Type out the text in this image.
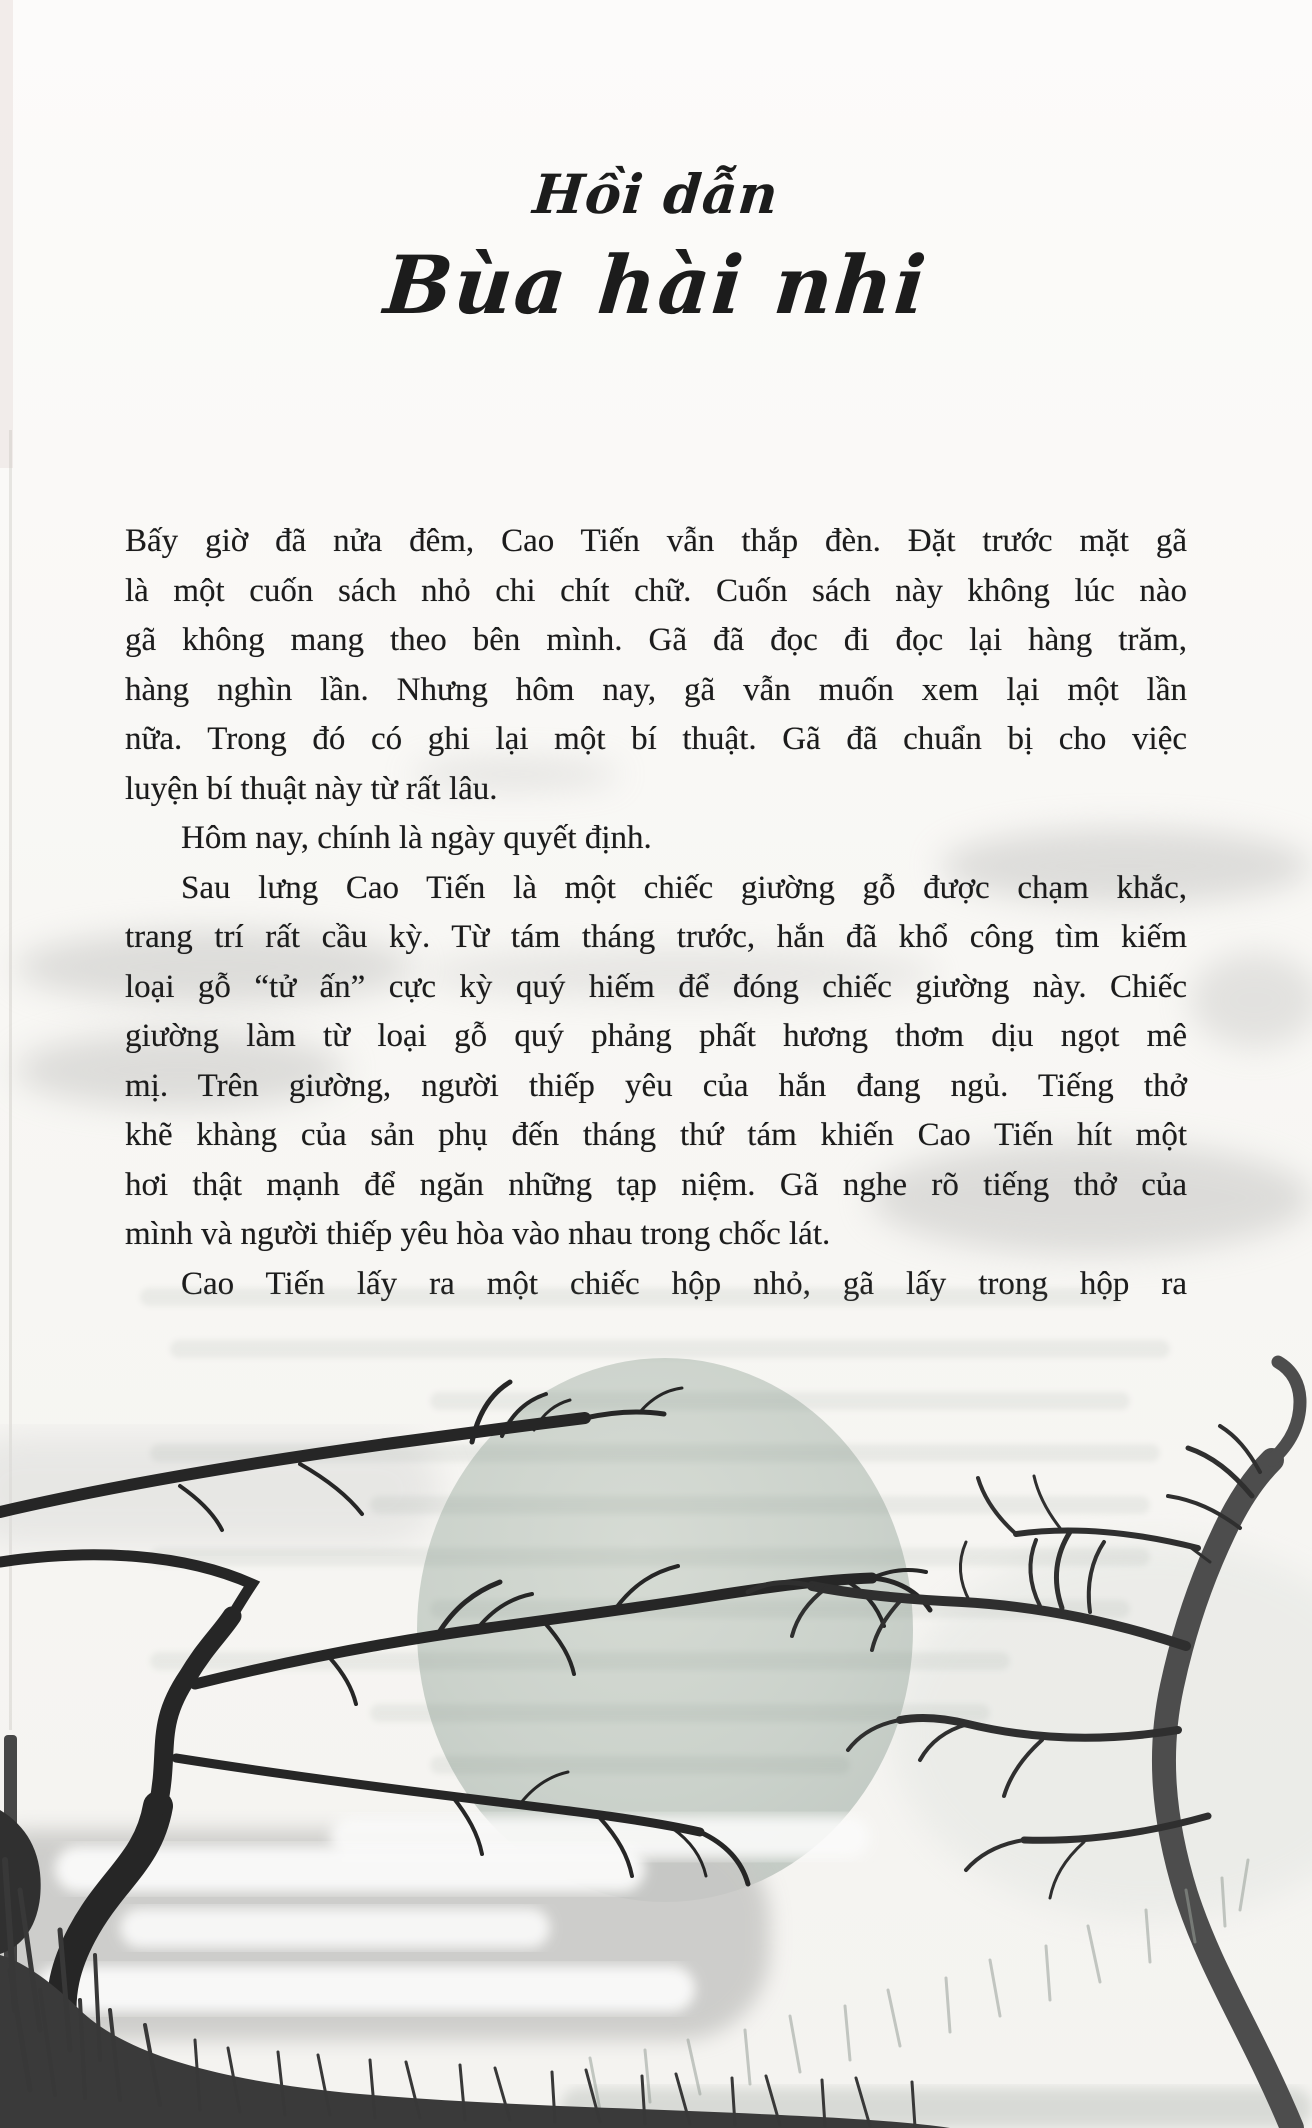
Hồi dẫn
Bùa hài nhi
Bấy giờ đã nửa đêm, Cao Tiến vẫn thắp đèn. Đặt trước mặt gã
là một cuốn sách nhỏ chi chít chữ. Cuốn sách này không lúc nào
gã không mang theo bên mình. Gã đã đọc đi đọc lại hàng trăm,
hàng nghìn lần. Nhưng hôm nay, gã vẫn muốn xem lại một lần
nữa. Trong đó có ghi lại một bí thuật. Gã đã chuẩn bị cho việc
luyện bí thuật này từ rất lâu.
Hôm nay, chính là ngày quyết định.
Sau lưng Cao Tiến là một chiếc giường gỗ được chạm khắc,
trang trí rất cầu kỳ. Từ tám tháng trước, hắn đã khổ công tìm kiếm
loại gỗ “tử ấn” cực kỳ quý hiếm để đóng chiếc giường này. Chiếc
giường làm từ loại gỗ quý phảng phất hương thơm dịu ngọt mê
mị. Trên giường, người thiếp yêu của hắn đang ngủ. Tiếng thở
khẽ khàng của sản phụ đến tháng thứ tám khiến Cao Tiến hít một
hơi thật mạnh để ngăn những tạp niệm. Gã nghe rõ tiếng thở của
mình và người thiếp yêu hòa vào nhau trong chốc lát.
Cao Tiến lấy ra một chiếc hộp nhỏ, gã lấy trong hộp ra
